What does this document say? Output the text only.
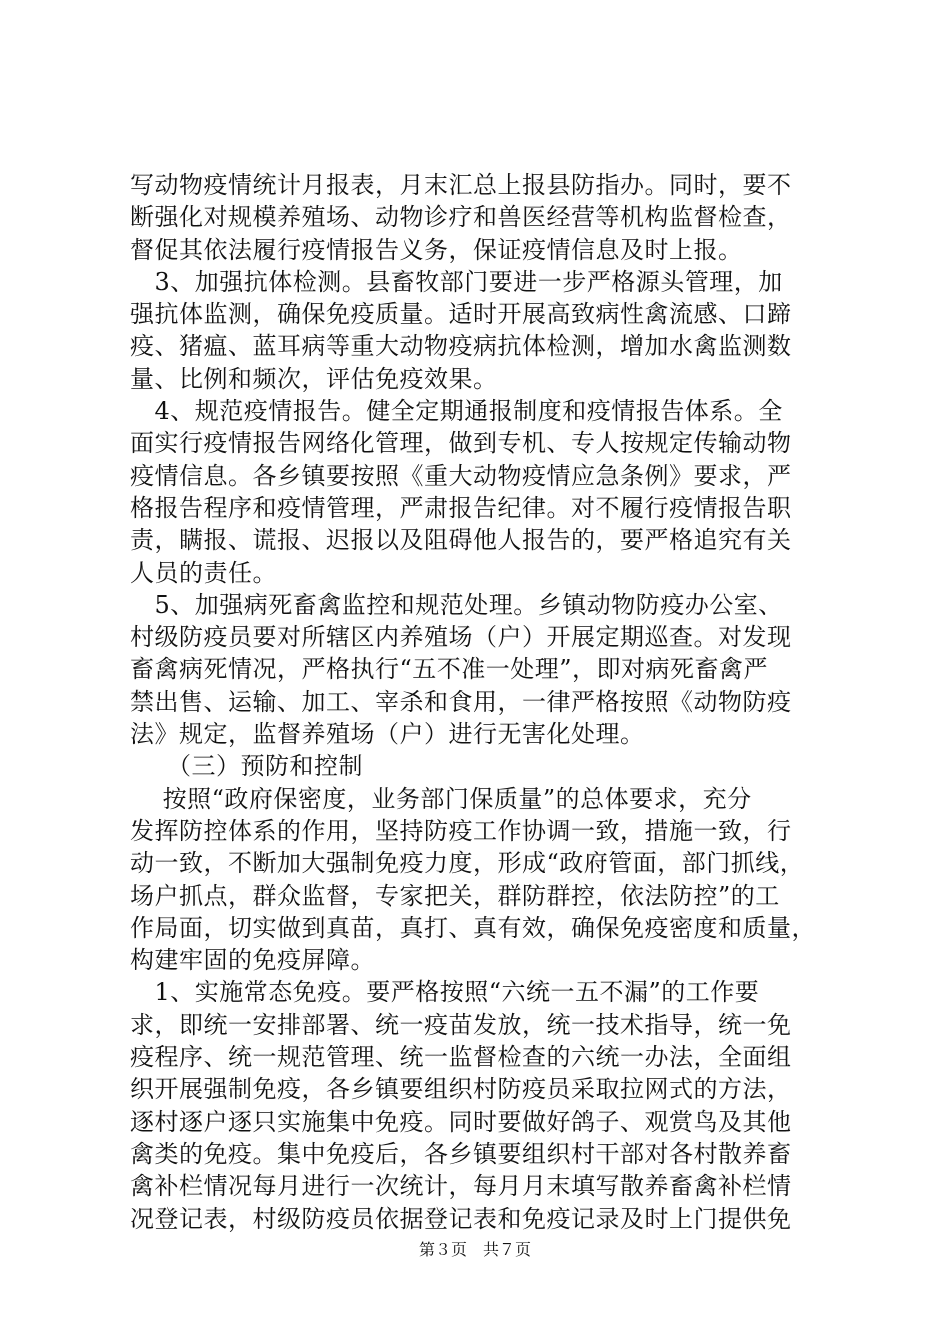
写动物疫情统计月报表，月末汇总上报县防指办。同时，要不
断强化对规模养殖场、动物诊疗和兽医经营等机构监督检查，
督促其依法履行疫情报告义务，保证疫情信息及时上报。
　3、加强抗体检测。县畜牧部门要进一步严格源头管理，加
强抗体监测，确保免疫质量。适时开展高致病性禽流感、口蹄
疫、猪瘟、蓝耳病等重大动物疫病抗体检测，增加水禽监测数
量、比例和频次，评估免疫效果。
　4、规范疫情报告。健全定期通报制度和疫情报告体系。全
面实行疫情报告网络化管理，做到专机、专人按规定传输动物
疫情信息。各乡镇要按照《重大动物疫情应急条例》要求，严
格报告程序和疫情管理，严肃报告纪律。对不履行疫情报告职
责，瞒报、谎报、迟报以及阻碍他人报告的，要严格追究有关
人员的责任。
　5、加强病死畜禽监控和规范处理。乡镇动物防疫办公室、
村级防疫员要对所辖区内养殖场（户）开展定期巡查。对发现
畜禽病死情况，严格执行“五不准一处理”，即对病死畜禽严
禁出售、运输、加工、宰杀和食用，一律严格按照《动物防疫
法》规定，监督养殖场（户）进行无害化处理。
　　（三）预防和控制
　 按照“政府保密度，业务部门保质量”的总体要求，充分
发挥防控体系的作用，坚持防疫工作协调一致，措施一致，行
动一致，不断加大强制免疫力度，形成“政府管面，部门抓线，
场户抓点，群众监督，专家把关，群防群控，依法防控”的工
作局面，切实做到真苗，真打、真有效，确保免疫密度和质量，
构建牢固的免疫屏障。
　1、实施常态免疫。要严格按照“六统一五不漏”的工作要
求，即统一安排部署、统一疫苗发放，统一技术指导，统一免
疫程序、统一规范管理、统一监督检查的六统一办法，全面组
织开展强制免疫，各乡镇要组织村防疫员采取拉网式的方法，
逐村逐户逐只实施集中免疫。同时要做好鸽子、观赏鸟及其他
禽类的免疫。集中免疫后，各乡镇要组织村干部对各村散养畜
禽补栏情况每月进行一次统计，每月月末填写散养畜禽补栏情
况登记表，村级防疫员依据登记表和免疫记录及时上门提供免
第３页　共７页
